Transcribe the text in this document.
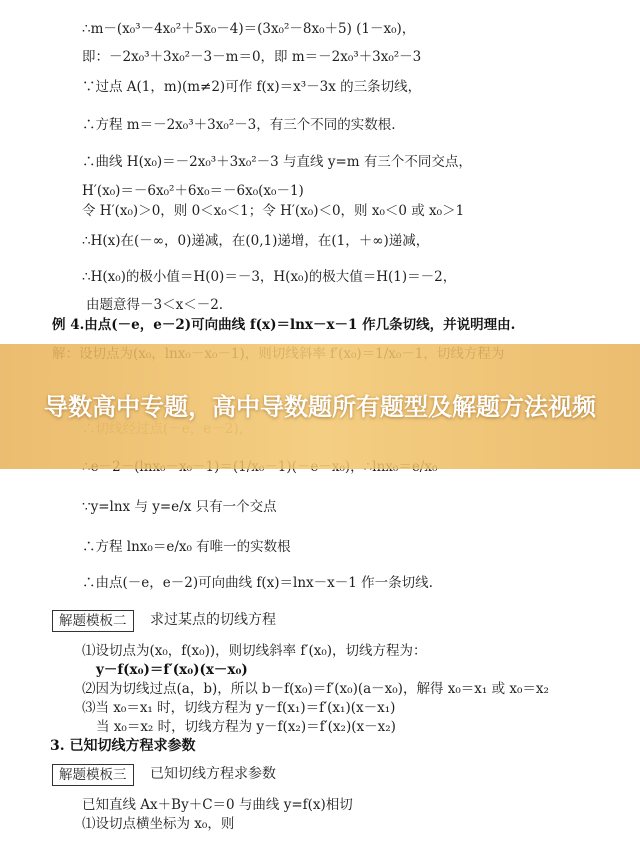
∴m－(x₀³－4x₀²＋5x₀－4)＝(3x₀²－8x₀＋5) (1－x₀)，
即：－2x₀³＋3x₀²－3－m＝0，即 m＝－2x₀³＋3x₀²－3
∵过点 A(1，m)(m≠2)可作 f(x)＝x³－3x 的三条切线，
∴方程 m＝－2x₀³＋3x₀²－3，有三个不同的实数根.
∴曲线 H(x₀)＝－2x₀³＋3x₀²－3 与直线 y=m 有三个不同交点，
H′(x₀)＝－6x₀²＋6x₀＝－6x₀(x₀－1)
令 H′(x₀)＞0，则 0＜x₀＜1；令 H′(x₀)＜0，则 x₀＜0 或 x₀＞1
∴H(x)在(－∞，0)递减，在(0,1)递增，在(1，＋∞)递减，
∴H(x₀)的极小值＝H(0)＝－3，H(x₀)的极大值＝H(1)＝－2，
由题意得－3＜x＜－2.
例 4.由点(－e，e－2)可向曲线 f(x)＝lnx－x－1 作几条切线，并说明理由.
∵y=lnx 与 y=e/x 只有一个交点
∴方程 lnx₀＝e/x₀ 有唯一的实数根
∴由点(－e，e－2)可向曲线 f(x)＝lnx－x－1 作一条切线.
解题模板二	求过某点的切线方程
⑴设切点为(x₀，f(x₀))，则切线斜率 f′(x₀)，切线方程为：
y－f(x₀)＝f′(x₀)(x－x₀)
⑵因为切线过点(a，b)，所以 b－f(x₀)＝f′(x₀)(a－x₀)，解得 x₀＝x₁ 或 x₀＝x₂
⑶当 x₀＝x₁ 时，切线方程为 y－f(x₁)＝f′(x₁)(x－x₁)
当 x₀＝x₂ 时，切线方程为 y－f(x₂)＝f′(x₂)(x－x₂)
3. 已知切线方程求参数
解题模板三	已知切线方程求参数
已知直线 Ax＋By＋C＝0 与曲线 y=f(x)相切
⑴设切点横坐标为 x₀，则
导数高中专题，高中导数题所有题型及解题方法视频
